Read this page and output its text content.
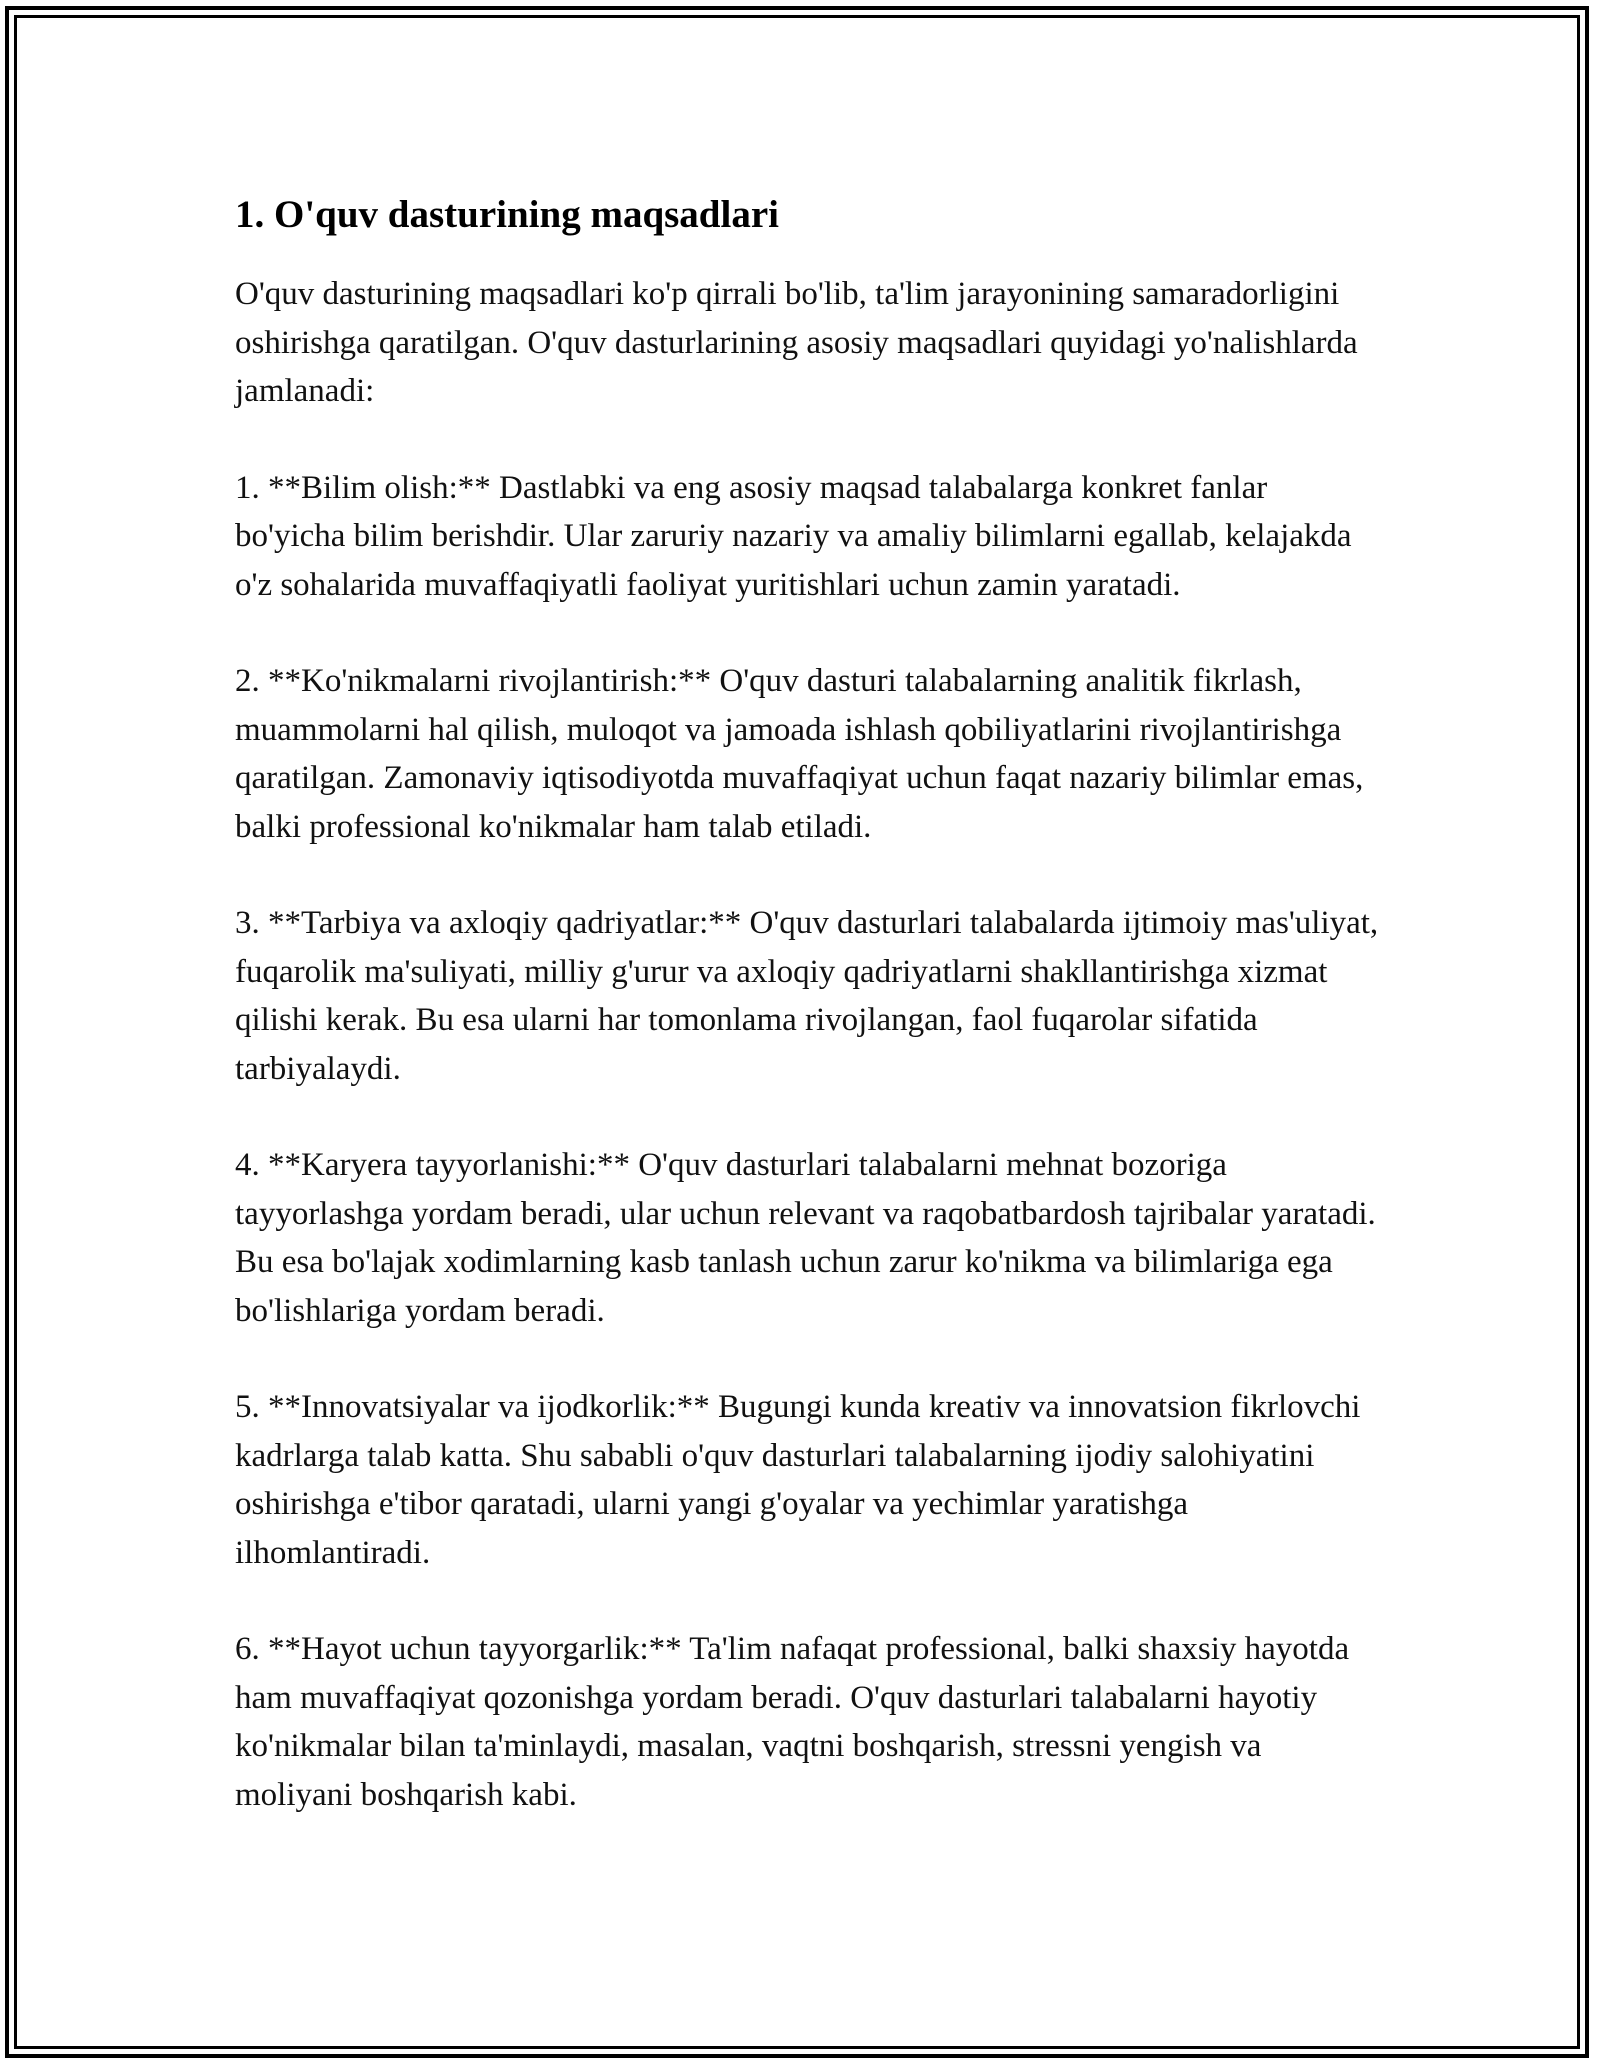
1. O'quv dasturining maqsadlari

O'quv dasturining maqsadlari ko'p qirrali bo'lib, ta'lim jarayonining samaradorligini oshirishga qaratilgan. O'quv dasturlarining asosiy maqsadlari quyidagi yo'nalishlarda jamlanadi:

1. **Bilim olish:** Dastlabki va eng asosiy maqsad talabalarga konkret fanlar bo'yicha bilim berishdir. Ular zaruriy nazariy va amaliy bilimlarni egallab, kelajakda o'z sohalarida muvaffaqiyatli faoliyat yuritishlari uchun zamin yaratadi.

2. **Ko'nikmalarni rivojlantirish:** O'quv dasturi talabalarning analitik fikrlash, muammolarni hal qilish, muloqot va jamoada ishlash qobiliyatlarini rivojlantirishga qaratilgan. Zamonaviy iqtisodiyotda muvaffaqiyat uchun faqat nazariy bilimlar emas, balki professional ko'nikmalar ham talab etiladi.

3. **Tarbiya va axloqiy qadriyatlar:** O'quv dasturlari talabalarda ijtimoiy mas'uliyat, fuqarolik ma'suliyati, milliy g'urur va axloqiy qadriyatlarni shakllantirishga xizmat qilishi kerak. Bu esa ularni har tomonlama rivojlangan, faol fuqarolar sifatida tarbiyalaydi.

4. **Karyera tayyorlanishi:** O'quv dasturlari talabalarni mehnat bozoriga tayyorlashga yordam beradi, ular uchun relevant va raqobatbardosh tajribalar yaratadi. Bu esa bo'lajak xodimlarning kasb tanlash uchun zarur ko'nikma va bilimlariga ega bo'lishlariga yordam beradi.

5. **Innovatsiyalar va ijodkorlik:** Bugungi kunda kreativ va innovatsion fikrlovchi kadrlarga talab katta. Shu sababli o'quv dasturlari talabalarning ijodiy salohiyatini oshirishga e'tibor qaratadi, ularni yangi g'oyalar va yechimlar yaratishga ilhomlantiradi.

6. **Hayot uchun tayyorgarlik:** Ta'lim nafaqat professional, balki shaxsiy hayotda ham muvaffaqiyat qozonishga yordam beradi. O'quv dasturlari talabalarni hayotiy ko'nikmalar bilan ta'minlaydi, masalan, vaqtni boshqarish, stressni yengish va moliyani boshqarish kabi.
